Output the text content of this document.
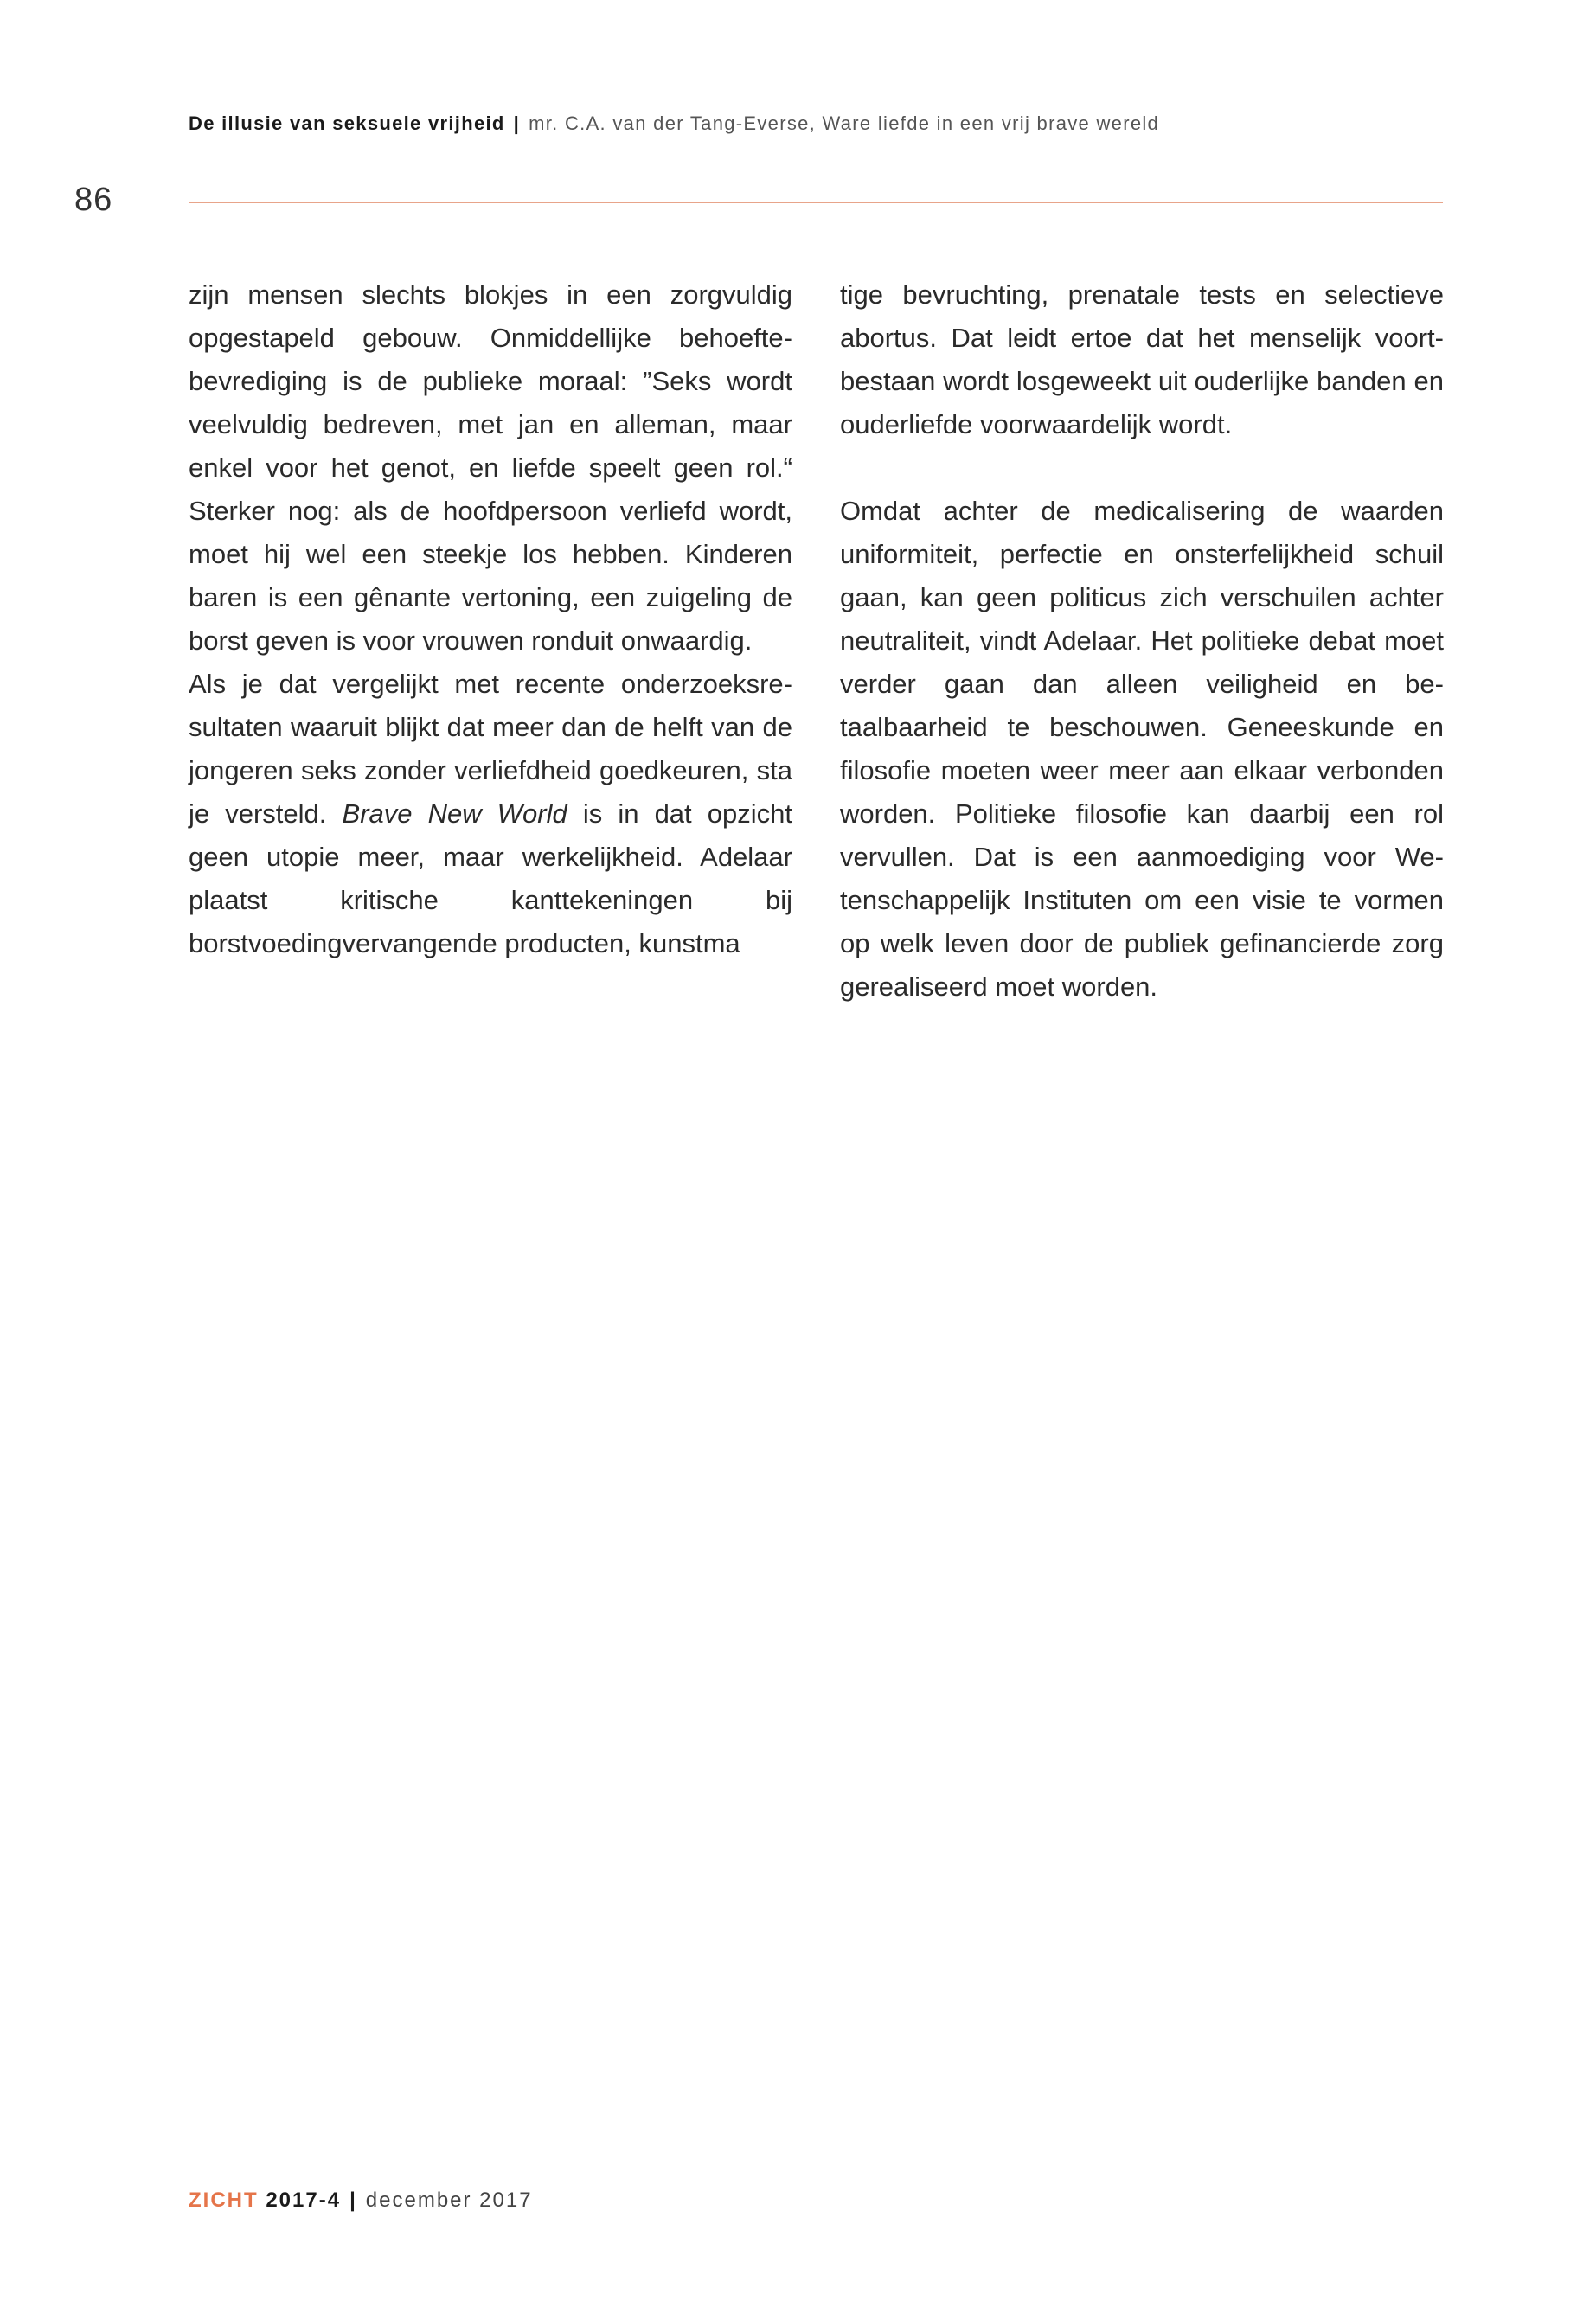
De illusie van seksuele vrijheid | mr. C.A. van der Tang-Everse, Ware liefde in een vrij brave wereld
86

zijn mensen slechts blokjes in een zorgvuldig opgestapeld gebouw. Onmiddellijke behoeftebevrediging is de publieke moraal: ”Seks wordt veelvuldig bedreven, met jan en alleman, maar enkel voor het genot, en liefde speelt geen rol.“ Sterker nog: als de hoofdpersoon verliefd wordt, moet hij wel een steekje los hebben. Kinderen baren is een gênante vertoning, een zuigeling de borst geven is voor vrouwen ronduit onwaardig.

Als je dat vergelijkt met recente onderzoeksresultaten waaruit blijkt dat meer dan de helft van de jongeren seks zonder verliefdheid goedkeuren, sta je versteld. Brave New World is in dat opzicht geen utopie meer, maar werkelijkheid. Adelaar plaatst kritische kanttekeningen bij borstvoedingvervangende producten, kunstma

tige bevruchting, prenatale tests en selectieve abortus. Dat leidt ertoe dat het menselijk voortbestaan wordt losgeweekt uit ouderlijke banden en ouderliefde voorwaardelijk wordt.

Omdat achter de medicalisering de waarden uniformiteit, perfectie en onsterfelijkheid schuil gaan, kan geen politicus zich verschuilen achter neutraliteit, vindt Adelaar. Het politieke debat moet verder gaan dan alleen veiligheid en betaalbaarheid te beschouwen. Geneeskunde en filosofie moeten weer meer aan elkaar verbonden worden. Politieke filosofie kan daarbij een rol vervullen. Dat is een aanmoediging voor Wetenschappelijk Instituten om een visie te vormen op welk leven door de publiek gefinancierde zorg gerealiseerd moet worden.

ZICHT 2017-4 | december 2017
